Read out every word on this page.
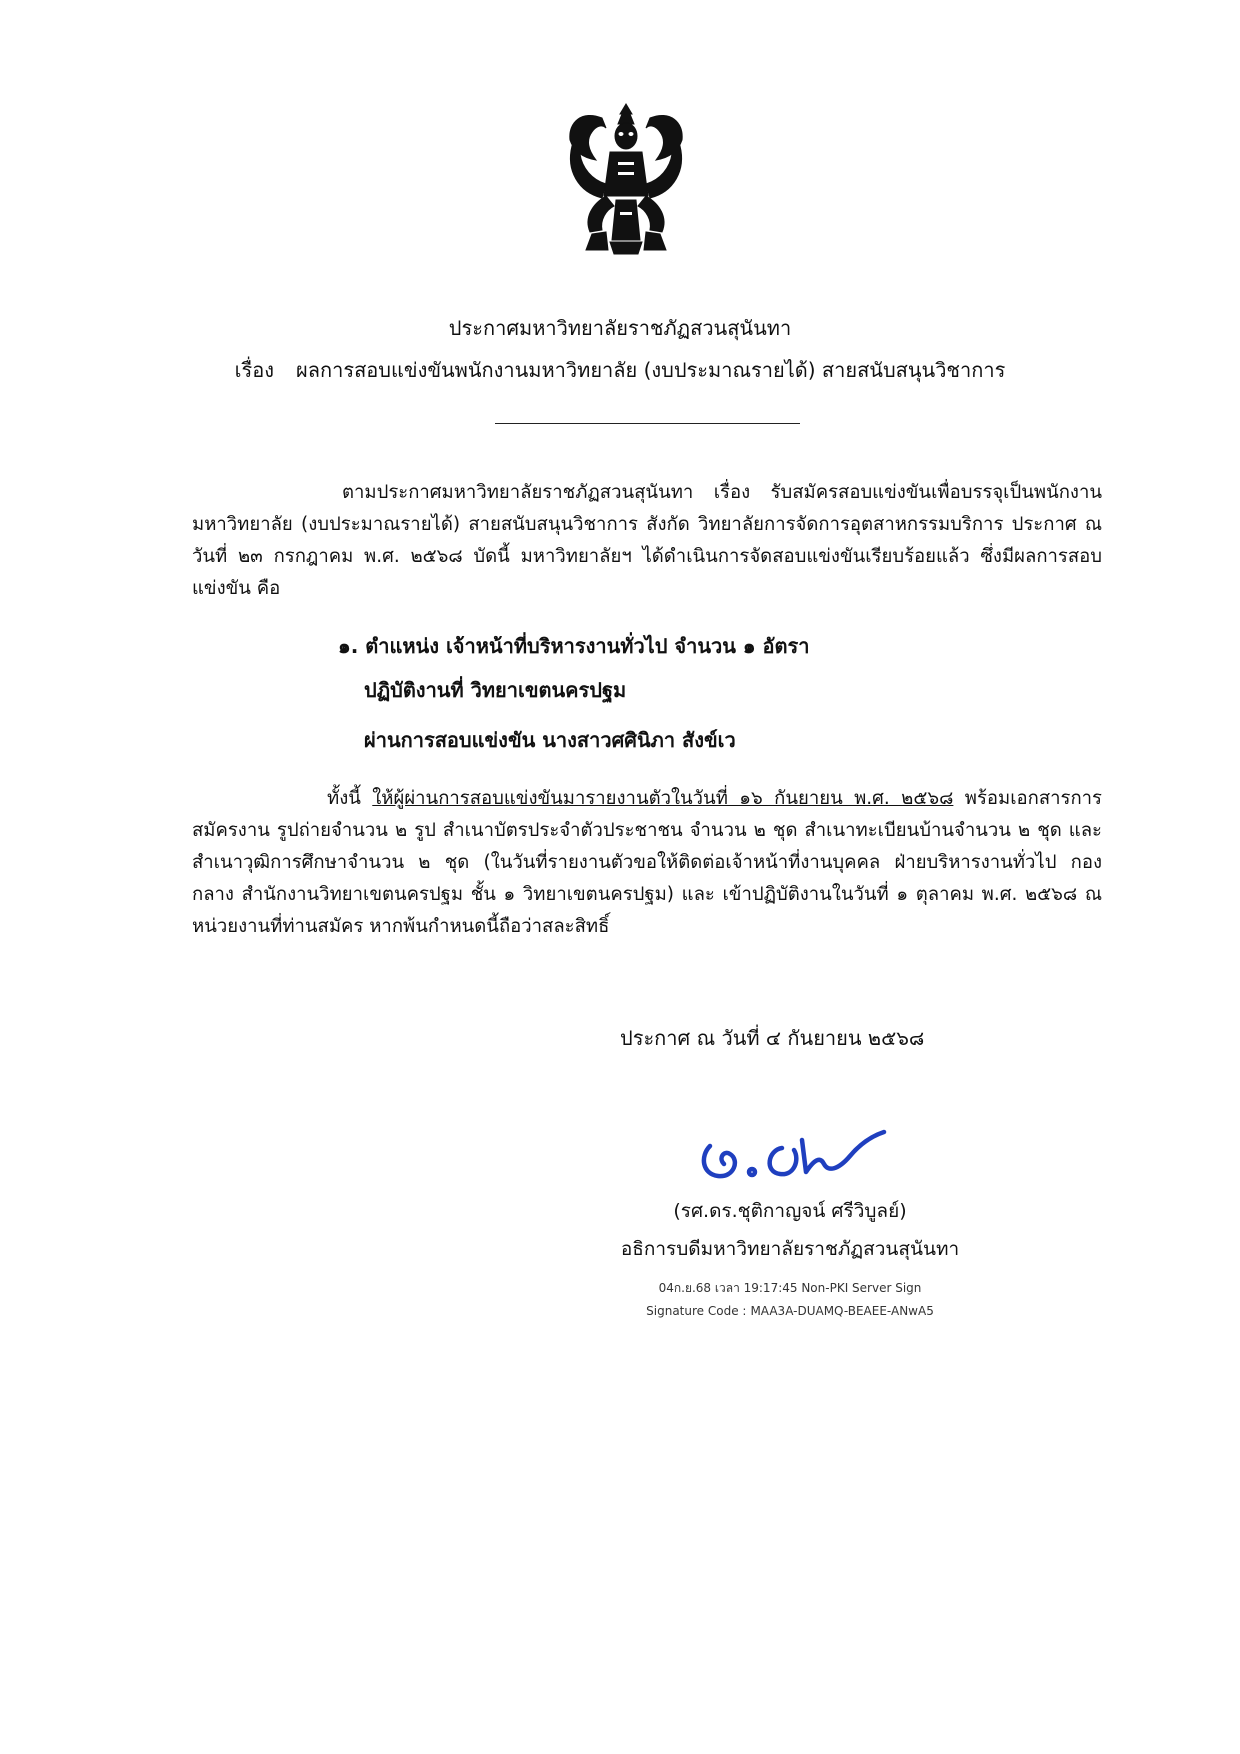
ประกาศมหาวิทยาลัยราชภัฏสวนสุนันทา
เรื่อง ผลการสอบแข่งขันพนักงานมหาวิทยาลัย (งบประมาณรายได้) สายสนับสนุนวิชาการ

ตามประกาศมหาวิทยาลัยราชภัฏสวนสุนันทา เรื่อง รับสมัครสอบแข่งขันเพื่อบรรจุเป็นพนักงานมหาวิทยาลัย (งบประมาณรายได้) สายสนับสนุนวิชาการ สังกัด วิทยาลัยการจัดการอุตสาหกรรมบริการ ประกาศ ณ วันที่ ๒๓ กรกฎาคม พ.ศ. ๒๕๖๘ บัดนี้ มหาวิทยาลัยฯ ได้ดำเนินการจัดสอบแข่งขันเรียบร้อยแล้ว ซึ่งมีผลการสอบแข่งขัน คือ

๑. ตำแหน่ง เจ้าหน้าที่บริหารงานทั่วไป จำนวน ๑ อัตรา
ปฏิบัติงานที่ วิทยาเขตนครปฐม
ผ่านการสอบแข่งขัน นางสาวศศินิภา สังข์เว

ทั้งนี้ ให้ผู้ผ่านการสอบแข่งขันมารายงานตัวในวันที่ ๑๖ กันยายน พ.ศ. ๒๕๖๘ พร้อมเอกสารการสมัครงาน รูปถ่ายจำนวน ๒ รูป สำเนาบัตรประจำตัวประชาชน จำนวน ๒ ชุด สำเนาทะเบียนบ้านจำนวน ๒ ชุด และสำเนาวุฒิการศึกษาจำนวน ๒ ชุด (ในวันที่รายงานตัวขอให้ติดต่อเจ้าหน้าที่งานบุคคล ฝ่ายบริหารงานทั่วไป กองกลาง สำนักงานวิทยาเขตนครปฐม ชั้น ๑ วิทยาเขตนครปฐม) และ เข้าปฏิบัติงานในวันที่ ๑ ตุลาคม พ.ศ. ๒๕๖๘ ณ หน่วยงานที่ท่านสมัคร หากพ้นกำหนดนี้ถือว่าสละสิทธิ์

ประกาศ ณ วันที่ ๔ กันยายน ๒๕๖๘
(รศ.ดร.ชุติกาญจน์ ศรีวิบูลย์)
อธิการบดีมหาวิทยาลัยราชภัฏสวนสุนันทา
04ก.ย.68 เวลา 19:17:45 Non-PKI Server Sign
Signature Code : MAA3A-DUAMQ-BEAEE-ANwA5
